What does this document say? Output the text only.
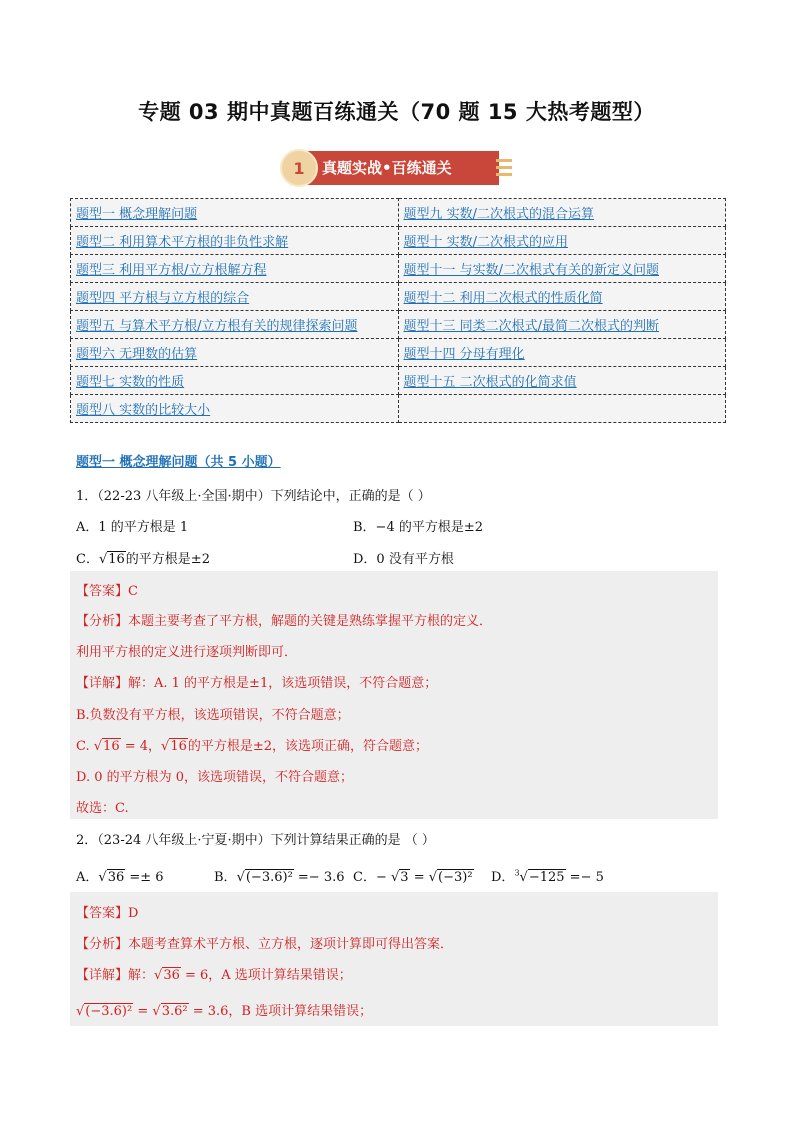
专题 03 期中真题百练通关（70 题 15 大热考题型）
1	真题实战•百练通关
题型一 概念理解问题	题型九 实数/二次根式的混合运算
题型二 利用算术平方根的非负性求解	题型十 实数/二次根式的应用
题型三 利用平方根/立方根解方程	题型十一 与实数/二次根式有关的新定义问题
题型四 平方根与立方根的综合	题型十二 利用二次根式的性质化简
题型五 与算术平方根/立方根有关的规律探索问题	题型十三 同类二次根式/最简二次根式的判断
题型六 无理数的估算	题型十四 分母有理化
题型七 实数的性质	题型十五 二次根式的化简求值
题型八 实数的比较大小	
题型一 概念理解问题（共 5 小题）
1．（22-23 八年级上·全国·期中）下列结论中，正确的是（ ）
A．1 的平方根是 1	B．−4 的平方根是±2
C．√16的平方根是±2	D．0 没有平方根
【答案】C
【分析】本题主要考查了平方根，解题的关键是熟练掌握平方根的定义．
利用平方根的定义进行逐项判断即可．
【详解】解：A. 1 的平方根是±1，该选项错误，不符合题意；
B.负数没有平方根，该选项错误，不符合题意；
C. √16 = 4，√16的平方根是±2，该选项正确，符合题意；
D. 0 的平方根为 0，该选项错误，不符合题意；
故选：C.
2．（23-24 八年级上·宁夏·期中）下列计算结果正确的是 （ ）
A．√36 =± 6	B．√(−3.6)² =− 3.6 C．− √3 = √(−3)² D．$^3$√−125 =− 5
【答案】D
【分析】本题考查算术平方根、立方根，逐项计算即可得出答案．
【详解】解：√36 = 6，A 选项计算结果错误；
√(−3.6)² = √3.6² = 3.6，B 选项计算结果错误；
